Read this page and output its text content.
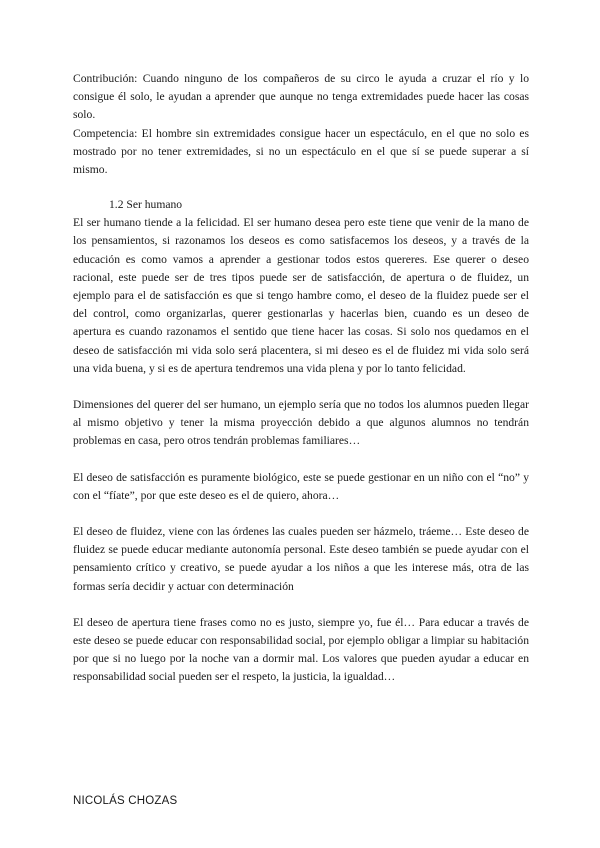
Contribución: Cuando ninguno de los compañeros de su circo le ayuda a cruzar el río y lo consigue él solo, le ayudan a aprender que aunque no tenga extremidades puede hacer las cosas solo.

Competencia: El hombre sin extremidades consigue hacer un espectáculo, en el que no solo es mostrado por no tener extremidades, si no un espectáculo en el que sí se puede superar a sí mismo.

1.2 Ser humano

El ser humano tiende a la felicidad. El ser humano desea pero este tiene que venir de la mano de los pensamientos, si razonamos los deseos es como satisfacemos los deseos, y a través de la educación es como vamos a aprender a gestionar todos estos quereres. Ese querer o deseo racional, este puede ser de tres tipos puede ser de satisfacción, de apertura o de fluidez, un ejemplo para el de satisfacción es que si tengo hambre como, el deseo de la fluidez puede ser el del control, como organizarlas, querer gestionarlas y hacerlas bien, cuando es un deseo de apertura es cuando razonamos el sentido que tiene hacer las cosas. Si solo nos quedamos en el deseo de satisfacción mi vida solo será placentera, si mi deseo es el de fluidez mi vida solo será una vida buena, y si es de apertura tendremos una vida plena y por lo tanto felicidad.

Dimensiones del querer del ser humano, un ejemplo sería que no todos los alumnos pueden llegar al mismo objetivo y tener la misma proyección debido a que algunos alumnos no tendrán problemas en casa, pero otros tendrán problemas familiares…

El deseo de satisfacción es puramente biológico, este se puede gestionar en un niño con el “no” y con el “fíate”, por que este deseo es el de quiero, ahora…

El deseo de fluidez, viene con las órdenes las cuales pueden ser házmelo, tráeme… Este deseo de fluidez se puede educar mediante autonomía personal. Este deseo también se puede ayudar con el pensamiento crítico y creativo, se puede ayudar a los niños a que les interese más, otra de las formas sería decidir y actuar con determinación

El deseo de apertura tiene frases como no es justo, siempre yo, fue él… Para educar a través de este deseo se puede educar con responsabilidad social, por ejemplo obligar a limpiar su habitación por que si no luego por la noche van a dormir mal. Los valores que pueden ayudar a educar en responsabilidad social pueden ser el respeto, la justicia, la igualdad…

NICOLÁS CHOZAS
